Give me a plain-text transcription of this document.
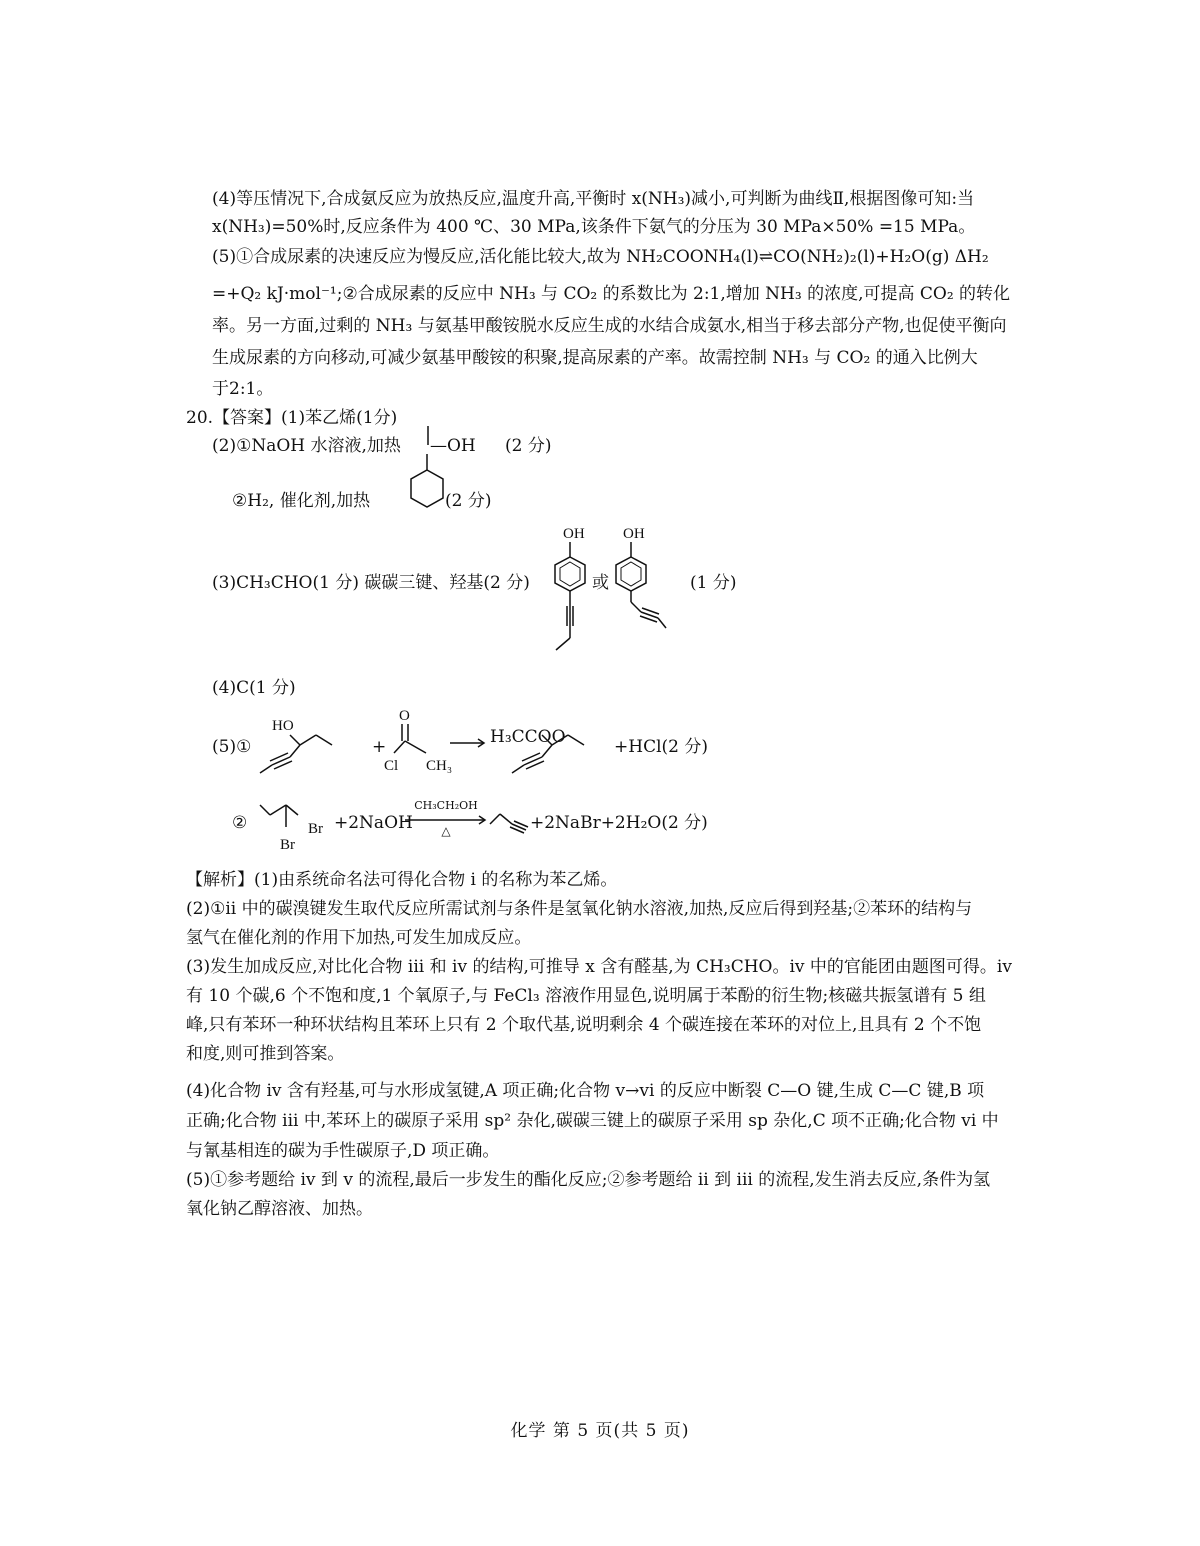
(4)等压情况下,合成氨反应为放热反应,温度升高,平衡时 x(NH₃)减小,可判断为曲线Ⅱ,根据图像可知:当
x(NH₃)=50%时,反应条件为 400 ℃、30 MPa,该条件下氨气的分压为 30 MPa×50% =15 MPa。
(5)①合成尿素的决速反应为慢反应,活化能比较大,故为 NH₂COONH₄(l)⇌CO(NH₂)₂(l)+H₂O(g) ΔH₂
=+Q₂ kJ·mol⁻¹;②合成尿素的反应中 NH₃ 与 CO₂ 的系数比为 2:1,增加 NH₃ 的浓度,可提高 CO₂ 的转化
率。另一方面,过剩的 NH₃ 与氨基甲酸铵脱水反应生成的水结合成氨水,相当于移去部分产物,也促使平衡向
生成尿素的方向移动,可减少氨基甲酸铵的积聚,提高尿素的产率。故需控制 NH₃ 与 CO₂ 的通入比例大
于2:1。
20.【答案】(1)苯乙烯(1分)
(2)①NaOH 水溶液,加热 —OH (2 分)
②H₂, 催化剂,加热	(2 分)
(3)CH₃CHO(1 分) 碳碳三键、羟基(2 分)
OH
或
OH
(1 分)
(4)C(1 分)
(5)①
HO
+
O
Cl CH₃
→ H₃CCOO	+HCl(2 分)
②	Br
Br
+2NaOH
CH₃CH₂OH
△	+2NaBr+2H₂O(2 分)
【解析】(1)由系统命名法可得化合物 i 的名称为苯乙烯。
(2)①ii 中的碳溴键发生取代反应所需试剂与条件是氢氧化钠水溶液,加热,反应后得到羟基;②苯环的结构与
氢气在催化剂的作用下加热,可发生加成反应。
(3)发生加成反应,对比化合物 iii 和 iv 的结构,可推导 x 含有醛基,为 CH₃CHO。iv 中的官能团由题图可得。iv
有 10 个碳,6 个不饱和度,1 个氧原子,与 FeCl₃ 溶液作用显色,说明属于苯酚的衍生物;核磁共振氢谱有 5 组
峰,只有苯环一种环状结构且苯环上只有 2 个取代基,说明剩余 4 个碳连接在苯环的对位上,且具有 2 个不饱
和度,则可推到答案。
(4)化合物 iv 含有羟基,可与水形成氢键,A 项正确;化合物 v→vi 的反应中断裂 C—O 键,生成 C—C 键,B 项
正确;化合物 iii 中,苯环上的碳原子采用 sp² 杂化,碳碳三键上的碳原子采用 sp 杂化,C 项不正确;化合物 vi 中
与氰基相连的碳为手性碳原子,D 项正确。
(5)①参考题给 iv 到 v 的流程,最后一步发生的酯化反应;②参考题给 ii 到 iii 的流程,发生消去反应,条件为氢
氧化钠乙醇溶液、加热。
化学 第 5 页(共 5 页)
